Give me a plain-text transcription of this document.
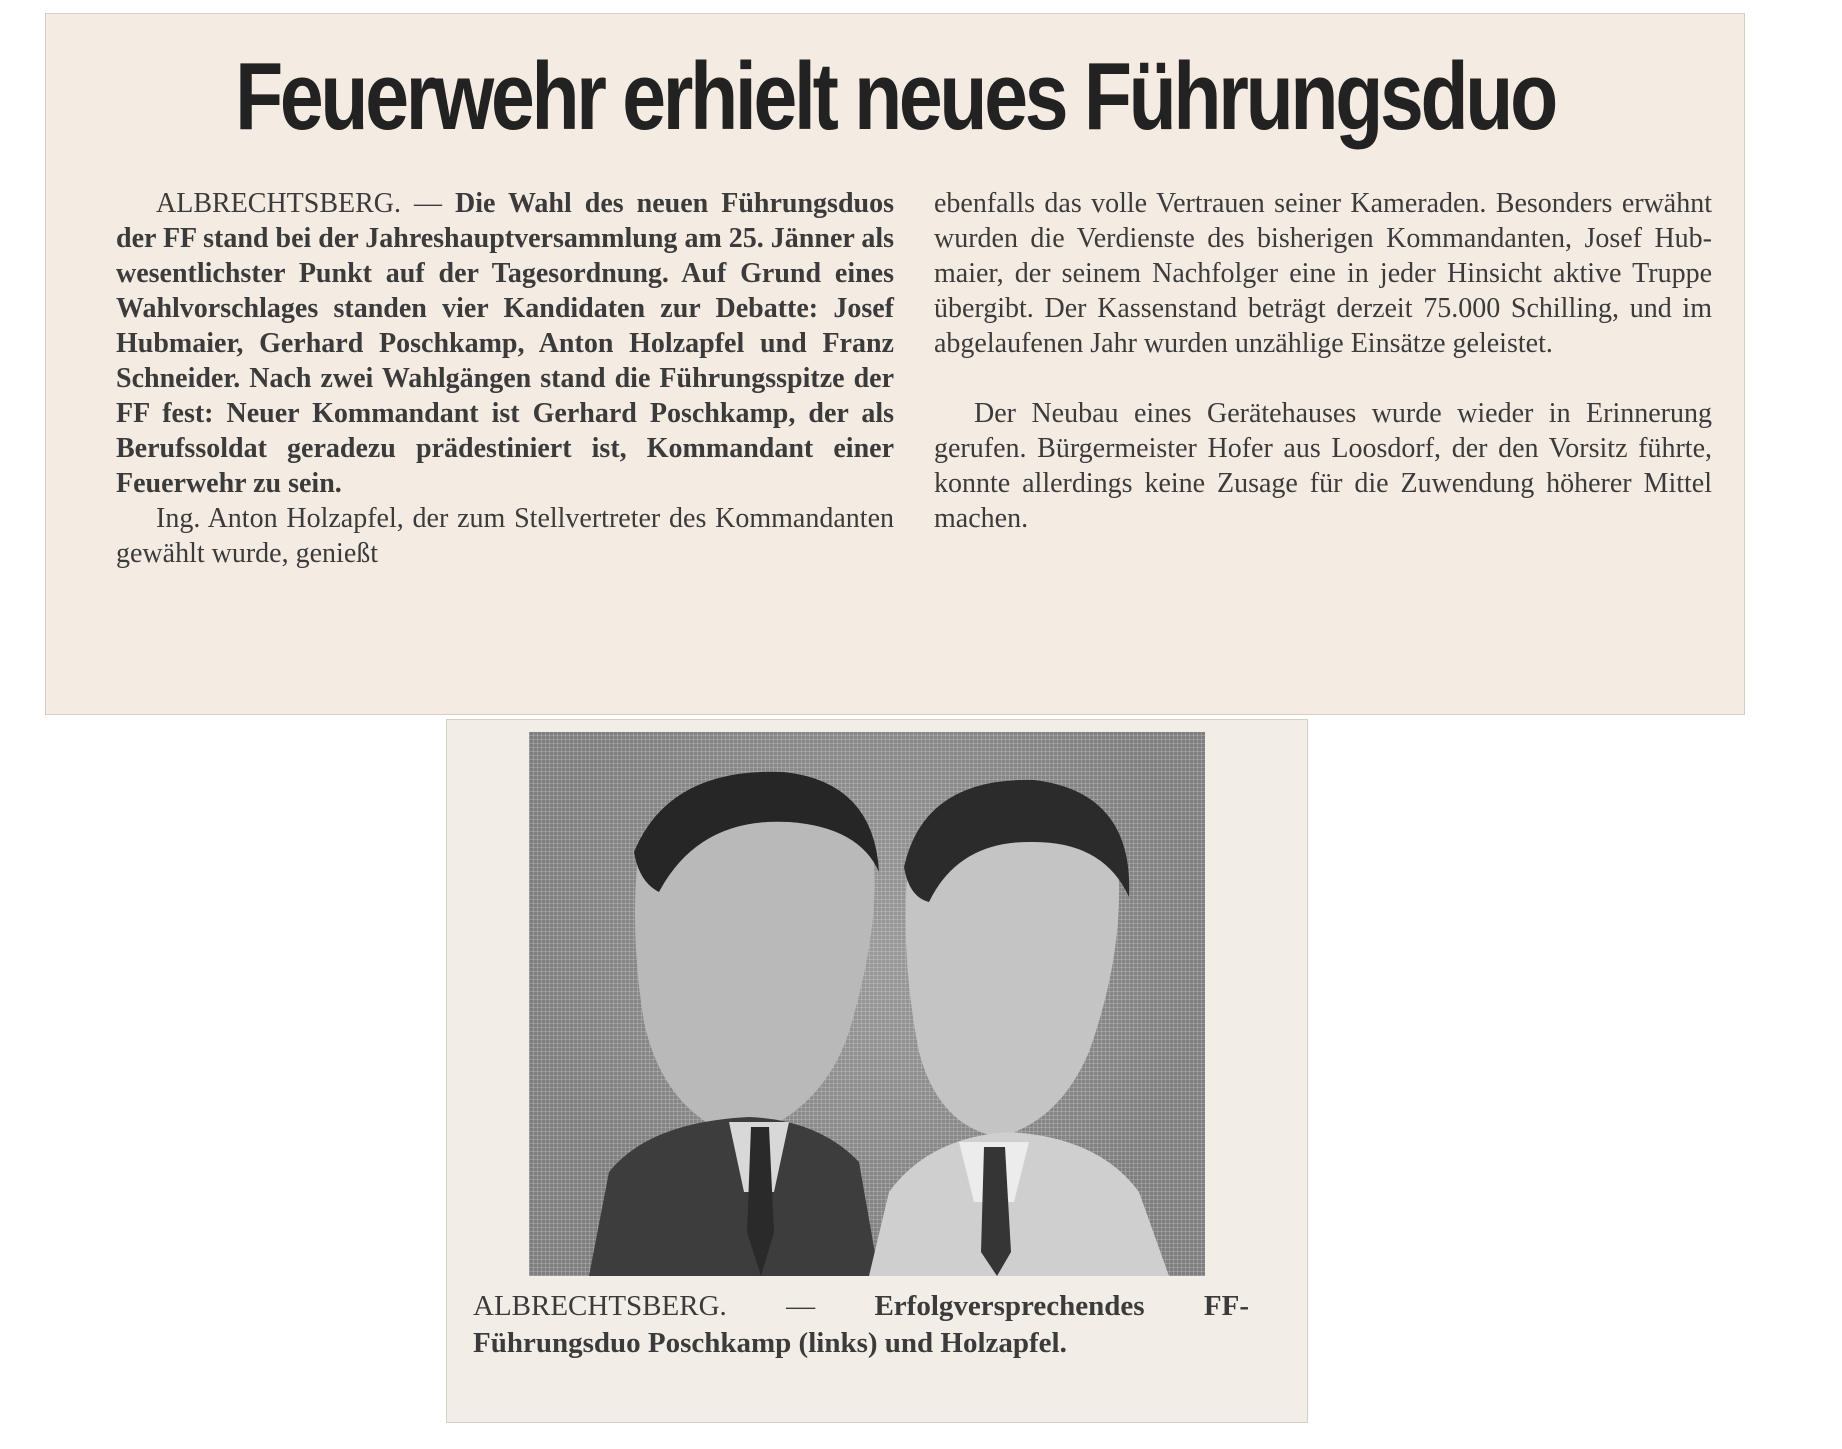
Feuerwehr erhielt neues Führungsduo

ALBRECHTSBERG. — Die Wahl des neuen Führungsduos der FF stand bei der Jahreshauptversammlung am 25. Jänner als wesentlichster Punkt auf der Tagesordnung. Auf Grund eines Wahlvorschlages standen vier Kandidaten zur Debatte: Josef Hubmaier, Gerhard Poschkamp, Anton Holzapfel und Franz Schneider. Nach zwei Wahlgängen stand die Führungsspitze der FF fest: Neuer Kommandant ist Gerhard Poschkamp, der als Berufssoldat geradezu prädestiniert ist, Kommandant einer Feuerwehr zu sein.

Ing. Anton Holzapfel, der zum Stellvertreter des Kommandanten gewählt wurde, genießt

ebenfalls das volle Vertrauen seiner Kameraden. Besonders erwähnt wurden die Verdienste des bisherigen Kommandanten, Josef Hubmaier, der seinem Nachfolger eine in jeder Hinsicht aktive Truppe übergibt. Der Kassenstand beträgt derzeit 75.000 Schilling, und im abgelaufenen Jahr wurden unzählige Einsätze geleistet.

Der Neubau eines Gerätehauses wurde wieder in Erinnerung gerufen. Bürgermeister Hofer aus Loosdorf, der den Vorsitz führte, konnte allerdings keine Zusage für die Zuwendung höherer Mittel machen.

ALBRECHTSBERG. — Erfolgversprechendes FF-Führungsduo Poschkamp (links) und Holzapfel.
